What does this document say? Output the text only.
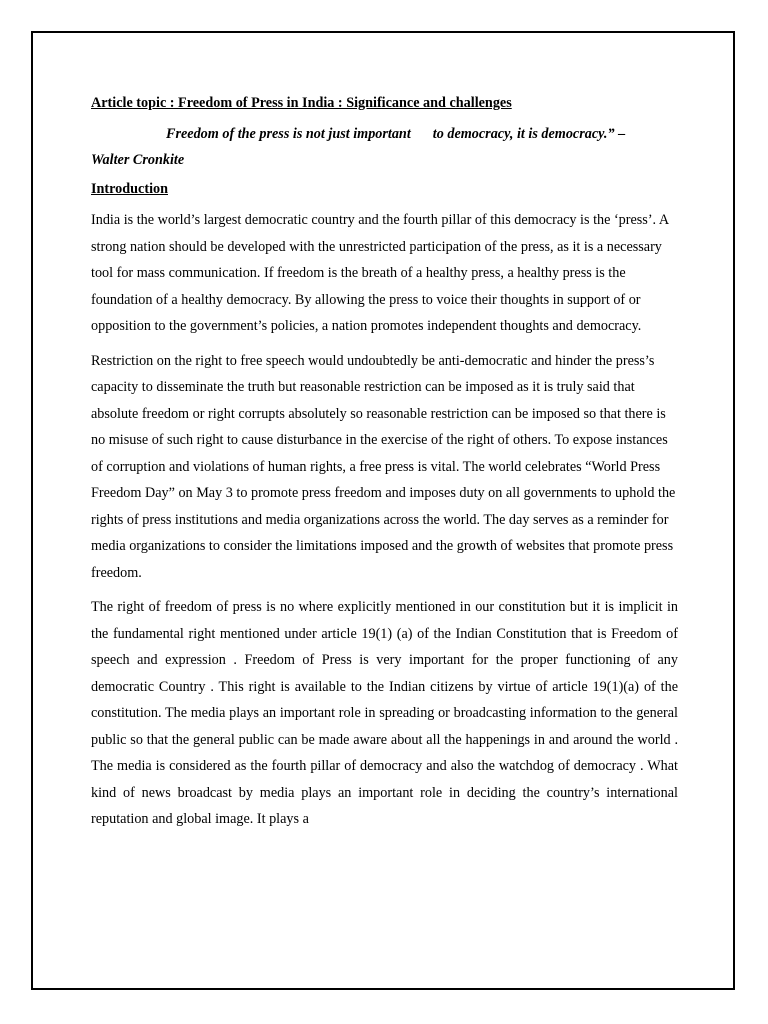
Article topic : Freedom of Press in India : Significance and challenges
Freedom of the press is not just important to democracy, it is democracy.” –
Walter Cronkite
Introduction

India is the world’s largest democratic country and the fourth pillar of this democracy is the ‘press’. A strong nation should be developed with the unrestricted participation of the press, as it is a necessary tool for mass communication. If freedom is the breath of a healthy press, a healthy press is the foundation of a healthy democracy. By allowing the press to voice their thoughts in support of or opposition to the government’s policies, a nation promotes independent thoughts and democracy.

Restriction on the right to free speech would undoubtedly be anti-democratic and hinder the press’s capacity to disseminate the truth but reasonable restriction can be imposed as it is truly said that absolute freedom or right corrupts absolutely so reasonable restriction can be imposed so that there is no misuse of such right to cause disturbance in the exercise of the right of others. To expose instances of corruption and violations of human rights, a free press is vital. The world celebrates “World Press Freedom Day” on May 3 to promote press freedom and imposes duty on all governments to uphold the rights of press institutions and media organizations across the world. The day serves as a reminder for media organizations to consider the limitations imposed and the growth of websites that promote press freedom.

The right of freedom of press is no where explicitly mentioned in our constitution but it is implicit in the fundamental right mentioned under article 19(1) (a) of the Indian Constitution that is Freedom of speech and expression . Freedom of Press is very important for the proper functioning of any democratic Country . This right is available to the Indian citizens by virtue of article 19(1)(a) of the constitution. The media plays an important role in spreading or broadcasting information to the general public so that the general public can be made aware about all the happenings in and around the world . The media is considered as the fourth pillar of democracy and also the watchdog of democracy . What kind of news broadcast by media plays an important role in deciding the country’s international reputation and global image. It plays a
